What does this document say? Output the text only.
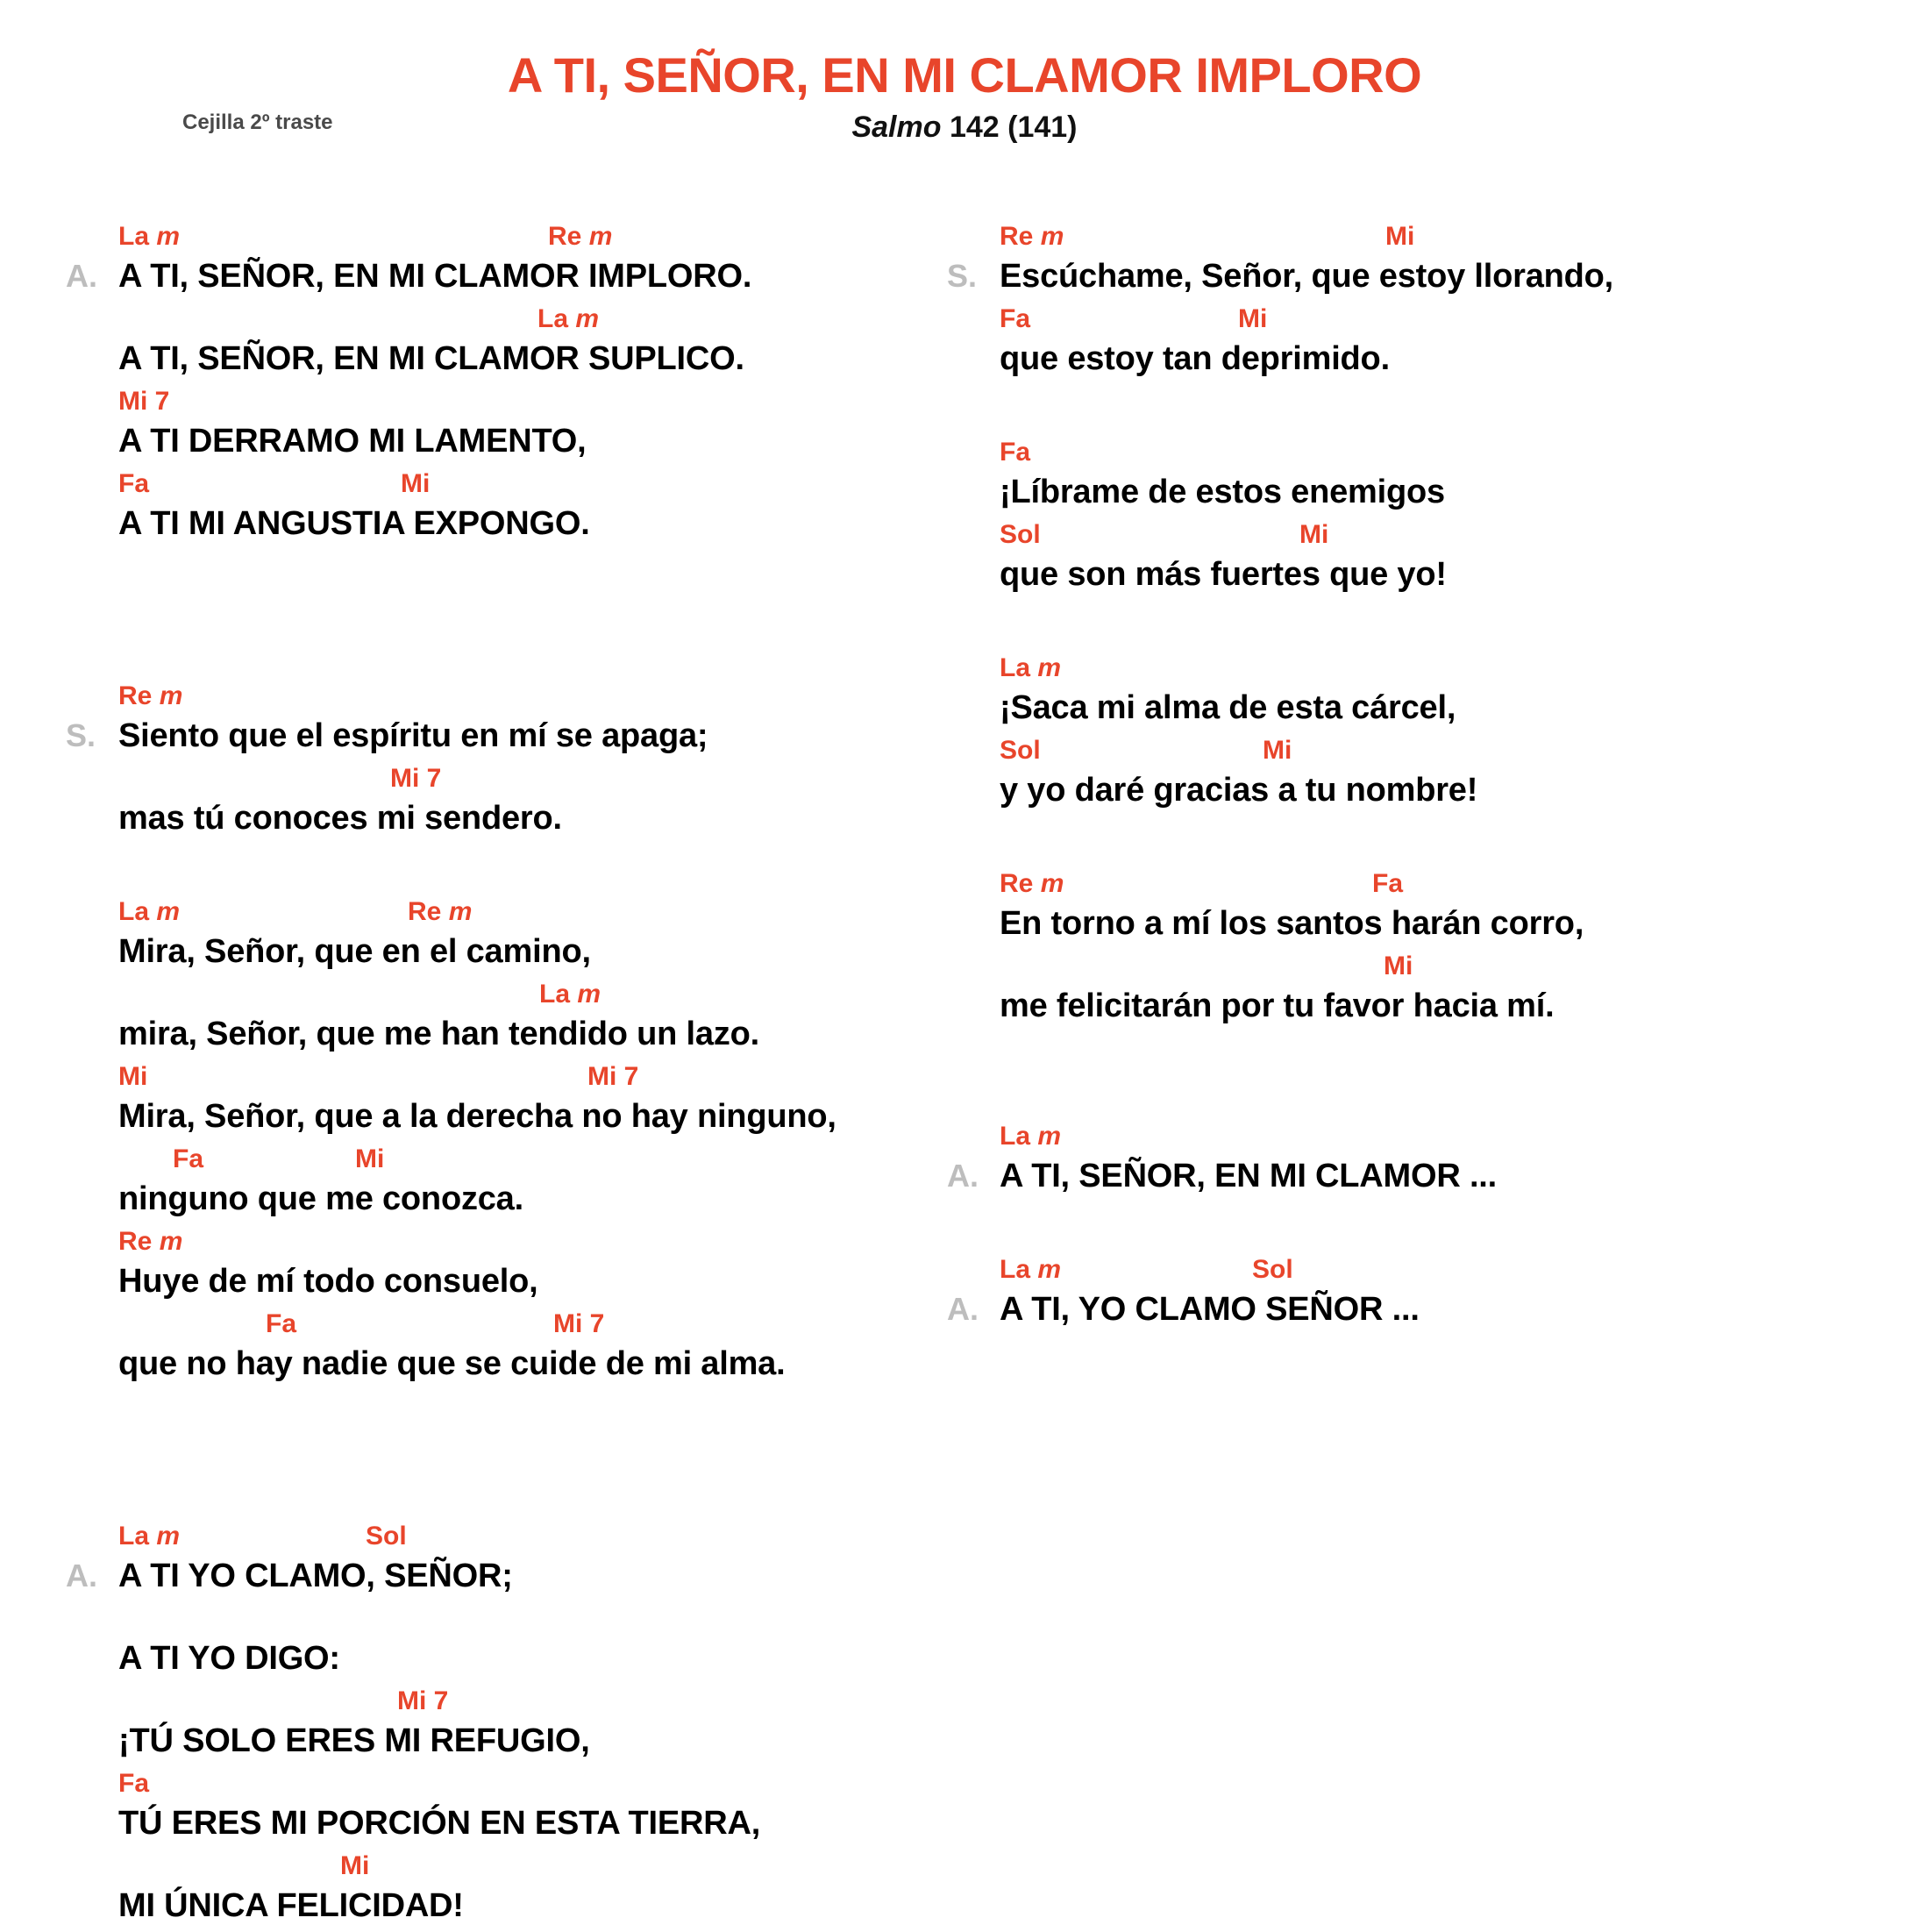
A TI, SEÑOR, EN MI CLAMOR IMPLORO
Salmo 142 (141)
Cejilla 2º traste
La m	Re m
A. A TI, SEÑOR, EN MI CLAMOR IMPLORO.
La m
A TI, SEÑOR, EN MI CLAMOR SUPLICO.
Mi 7
A TI DERRAMO MI LAMENTO,
Fa	Mi
A TI MI ANGUSTIA EXPONGO.
Re m
S. Siento que el espíritu en mí se apaga;
Mi 7
mas tú conoces mi sendero.
La m	Re m
Mira, Señor, que en el camino,
La m
mira, Señor, que me han tendido un lazo.
Mi	Mi 7
Mira, Señor, que a la derecha no hay ninguno,
Fa	Mi
ninguno que me conozca.
Re m
Huye de mí todo consuelo,
Fa	Mi 7
que no hay nadie que se cuide de mi alma.
La m	Sol
A. A TI YO CLAMO, SEÑOR;
A TI YO DIGO:
Mi 7
¡TÚ SOLO ERES MI REFUGIO,
Fa
TÚ ERES MI PORCIÓN EN ESTA TIERRA,
Mi
MI ÚNICA FELICIDAD!
Re m	Mi
S. Escúchame, Señor, que estoy llorando,
Fa	Mi
que estoy tan deprimido.
Fa
¡Líbrame de estos enemigos
Sol	Mi
que son más fuertes que yo!
La m
¡Saca mi alma de esta cárcel,
Sol	Mi
y yo daré gracias a tu nombre!
Re m	Fa
En torno a mí los santos harán corro,
Mi
me felicitarán por tu favor hacia mí.
La m
A. A TI, SEÑOR, EN MI CLAMOR ...
La m	Sol
A. A TI, YO CLAMO SEÑOR ...
